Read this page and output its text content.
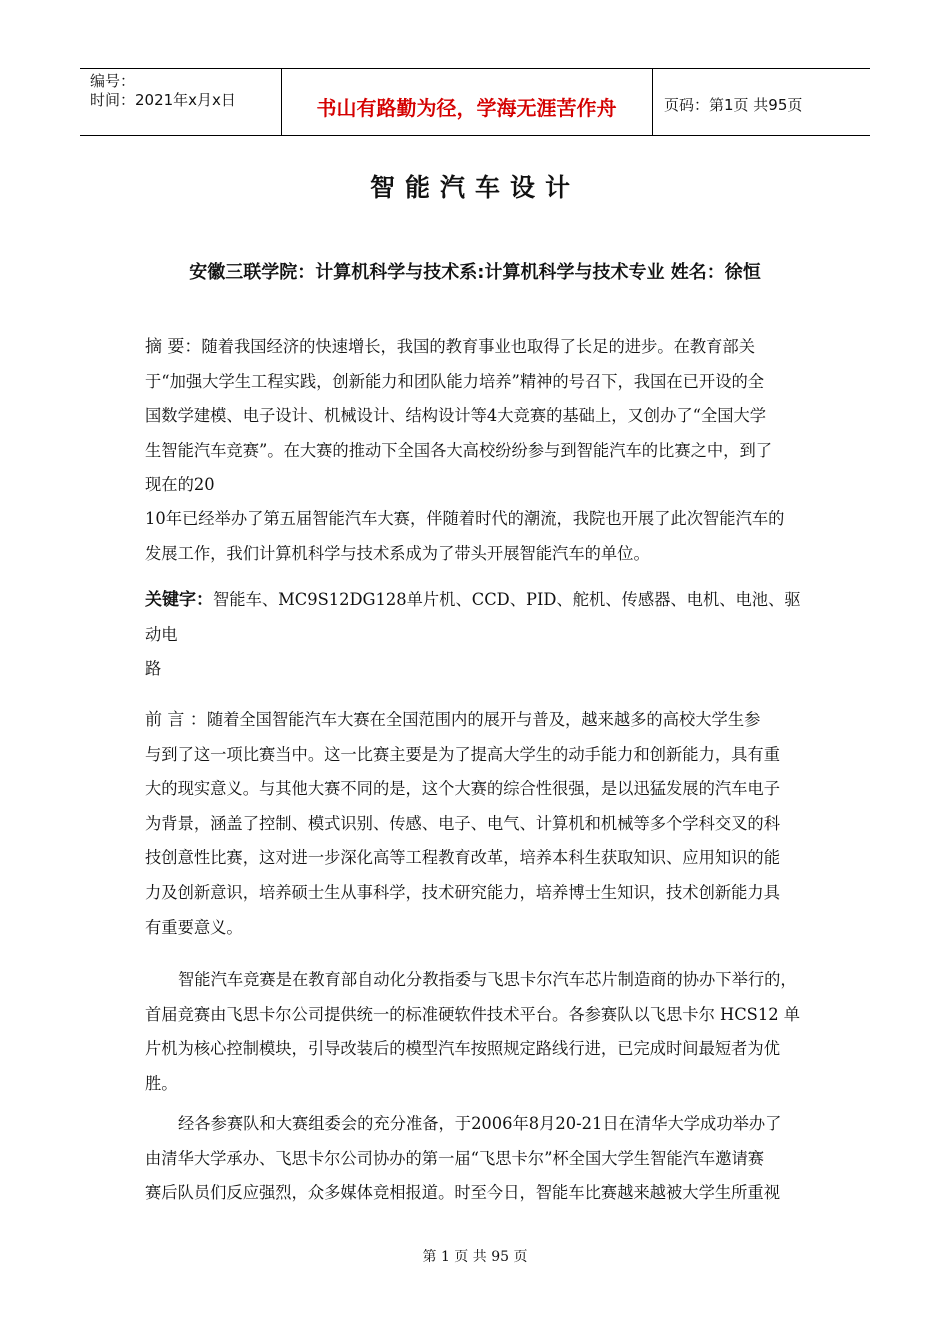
编号：
时间：2021年x月x日	书山有路勤为径，学海无涯苦作舟	页码：第1页 共95页
智能汽车设计
安徽三联学院：计算机科学与技术系:计算机科学与技术专业 姓名：徐恒
摘 要：随着我国经济的快速增长，我国的教育事业也取得了长足的进步。在教育部关
于“加强大学生工程实践，创新能力和团队能力培养”精神的号召下，我国在已开设的全
国数学建模、电子设计、机械设计、结构设计等4大竞赛的基础上，又创办了“全国大学
生智能汽车竞赛”。在大赛的推动下全国各大高校纷纷参与到智能汽车的比赛之中，到了
现在的20
10年已经举办了第五届智能汽车大赛，伴随着时代的潮流，我院也开展了此次智能汽车的
发展工作，我们计算机科学与技术系成为了带头开展智能汽车的单位。
关键字：智能车、MC9S12DG128单片机、CCD、PID、舵机、传感器、电机、电池、驱动电
路
前 言 ：随着全国智能汽车大赛在全国范围内的展开与普及，越来越多的高校大学生参
与到了这一项比赛当中。这一比赛主要是为了提高大学生的动手能力和创新能力，具有重
大的现实意义。与其他大赛不同的是，这个大赛的综合性很强，是以迅猛发展的汽车电子
为背景，涵盖了控制、模式识别、传感、电子、电气、计算机和机械等多个学科交叉的科
技创意性比赛，这对进一步深化高等工程教育改革，培养本科生获取知识、应用知识的能
力及创新意识，培养硕士生从事科学，技术研究能力，培养博士生知识，技术创新能力具
有重要意义。
智能汽车竞赛是在教育部自动化分教指委与飞思卡尔汽车芯片制造商的协办下举行的，
首届竞赛由飞思卡尔公司提供统一的标准硬软件技术平台。各参赛队以飞思卡尔 HCS12 单
片机为核心控制模块，引导改装后的模型汽车按照规定路线行进，已完成时间最短者为优
胜。
经各参赛队和大赛组委会的充分准备，于2006年8月20-21日在清华大学成功举办了
由清华大学承办、飞思卡尔公司协办的第一届“飞思卡尔”杯全国大学生智能汽车邀请赛
赛后队员们反应强烈，众多媒体竞相报道。时至今日，智能车比赛越来越被大学生所重视
第 1 页 共 95 页
